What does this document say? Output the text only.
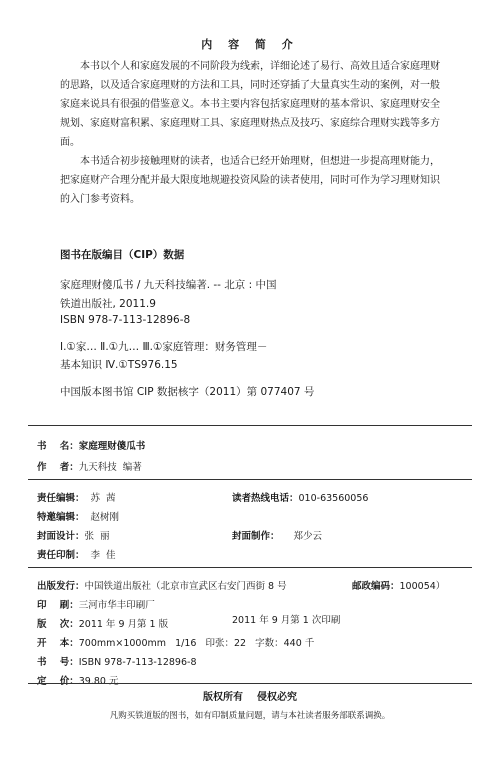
内 容 简 介
本书以个人和家庭发展的不同阶段为线索，详细论述了易行、高效且适合家庭理财的思路，以及适合家庭理财的方法和工具，同时还穿插了大量真实生动的案例，对一般家庭来说具有很强的借鉴意义。本书主要内容包括家庭理财的基本常识、家庭理财安全规划、家庭财富积累、家庭理财工具、家庭理财热点及技巧、家庭综合理财实践等多方面。
本书适合初步接触理财的读者，也适合已经开始理财，但想进一步提高理财能力，把家庭财产合理分配并最大限度地规避投资风险的读者使用，同时可作为学习理财知识的入门参考资料。
图书在版编目（CIP）数据
家庭理财傻瓜书 / 九天科技编著. -- 北京 : 中国
铁道出版社, 2011.9
ISBN 978-7-113-12896-8
Ⅰ.①家… Ⅱ.①九… Ⅲ.①家庭管理：财务管理－
基本知识 Ⅳ.①TS976.15
中国版本图书馆 CIP 数据核字（2011）第 077407 号
书    名：家庭理财傻瓜书
作    者：九天科技  编著
责任编辑： 苏  茜	读者热线电话：010-63560056
特邀编辑： 赵树刚
封面设计：张  丽	封面制作： 郑少云
责任印制： 李  佳
出版发行：中国铁道出版社（北京市宣武区右安门西街 8 号	邮政编码：100054）
印    刷：三河市华丰印刷厂
版    次：2011 年 9 月第 1 版	2011 年 9 月第 1 次印刷
开    本：700mm×1000mm   1/16   印张：22   字数：440 千
书    号：ISBN 978-7-113-12896-8
定    价：39.80 元
版权所有    侵权必究
凡购买铁道版的图书，如有印制质量问题，请与本社读者服务部联系调换。
